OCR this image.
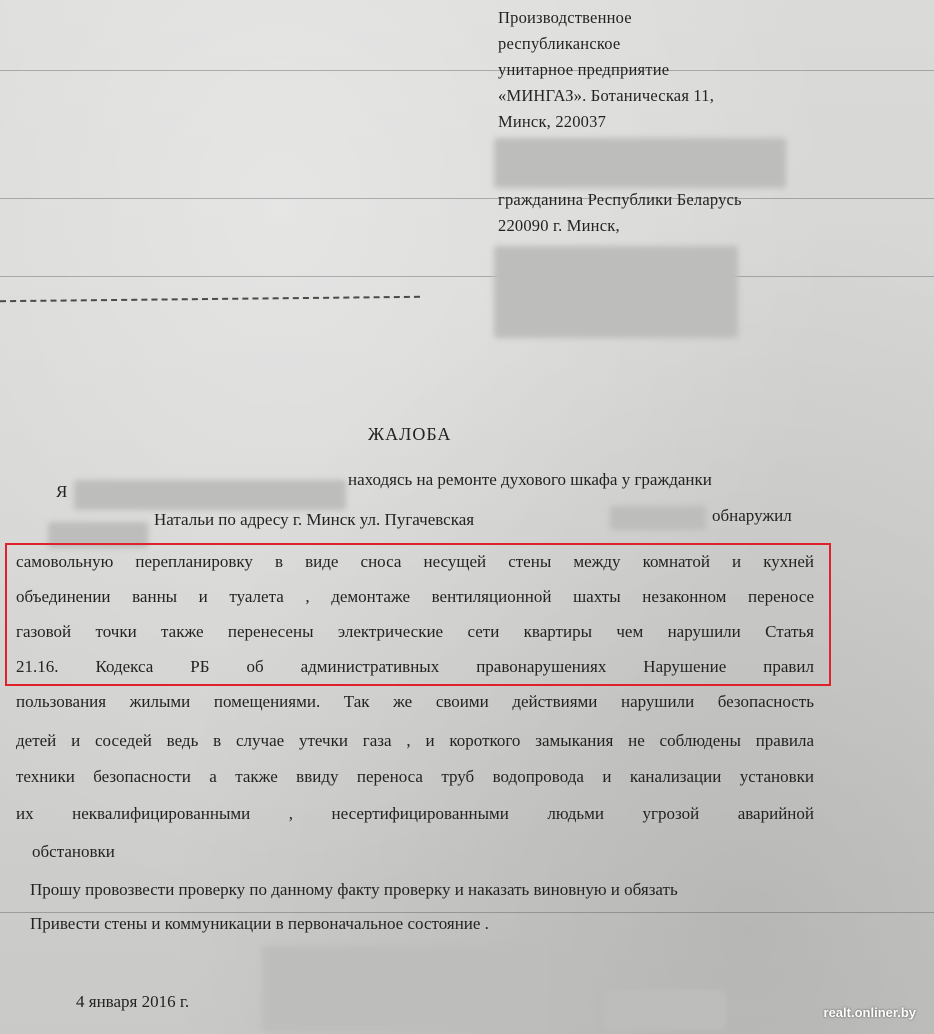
Производственное
республиканское
унитарное предприятие
«МИНГАЗ». Ботаническая 11,
Минск, 220037
гражданина Республики Беларусь
220090 г. Минск,
ЖАЛОБА
Я
находясь на ремонте духового шкафа у гражданки
Натальи по адресу г. Минск ул. Пугачевская	обнаружил
самовольную перепланировку в виде сноса несущей стены между комнатой и кухней
объединении ванны и туалета , демонтаже вентиляционной шахты незаконном переносе
газовой точки также перенесены электрические сети квартиры чем нарушили Статья
21.16. Кодекса РБ об административных правонарушениях Нарушение правил
пользования жилыми помещениями. Так же своими действиями нарушили безопасность
детей и соседей ведь в случае утечки газа , и короткого замыкания не соблюдены правила
техники безопасности а также ввиду переноса труб водопровода и канализации установки
их неквалифицированными , несертифицированными людьми угрозой аварийной
обстановки
Прошу провозвести проверку по данному факту проверку и наказать виновную и обязать
Привести стены и коммуникации в первоначальное состояние .
4 января 2016 г.
realt.onliner.by
